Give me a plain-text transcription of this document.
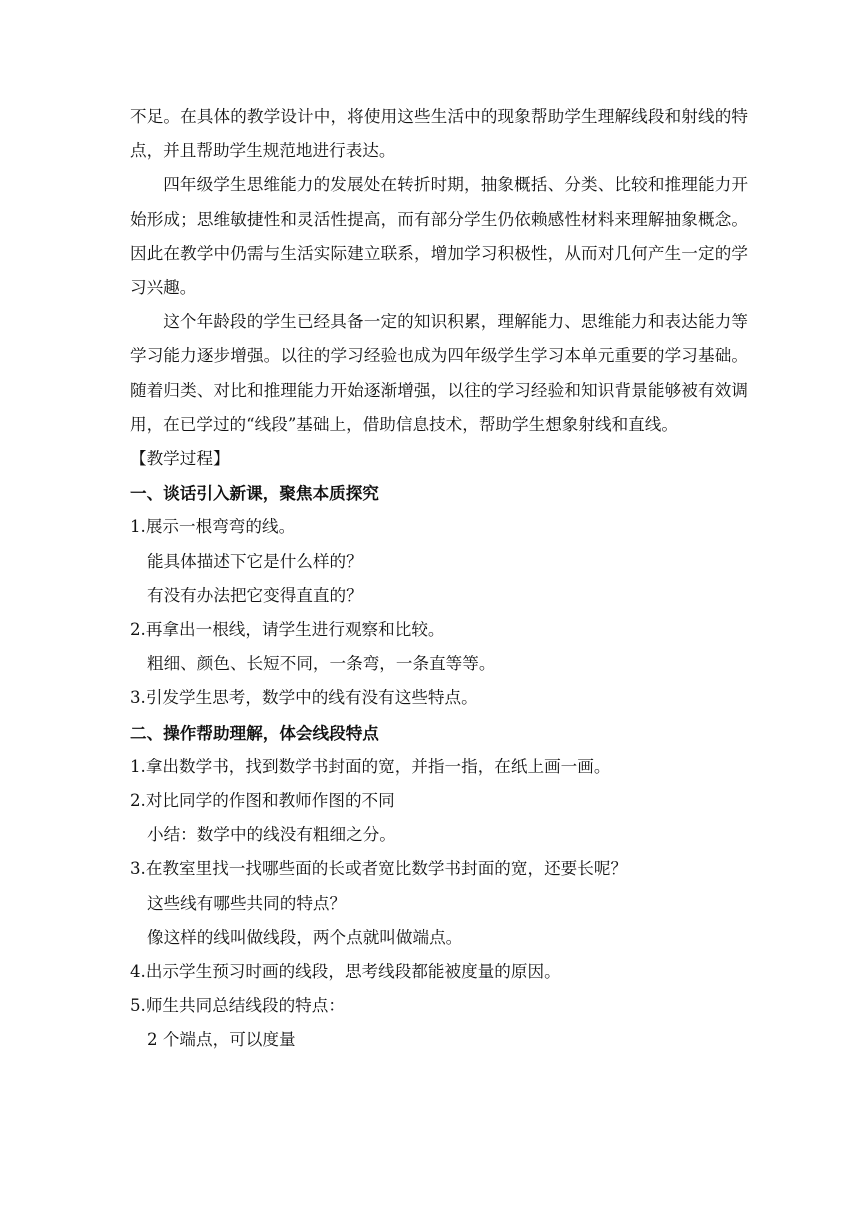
不足。在具体的教学设计中，将使用这些生活中的现象帮助学生理解线段和射线的特点，并且帮助学生规范地进行表达。

四年级学生思维能力的发展处在转折时期，抽象概括、分类、比较和推理能力开始形成；思维敏捷性和灵活性提高，而有部分学生仍依赖感性材料来理解抽象概念。因此在教学中仍需与生活实际建立联系，增加学习积极性，从而对几何产生一定的学习兴趣。

这个年龄段的学生已经具备一定的知识积累，理解能力、思维能力和表达能力等学习能力逐步增强。以往的学习经验也成为四年级学生学习本单元重要的学习基础。随着归类、对比和推理能力开始逐渐增强，以往的学习经验和知识背景能够被有效调用，在已学过的“线段”基础上，借助信息技术，帮助学生想象射线和直线。

【教学过程】

一、谈话引入新课，聚焦本质探究

1.展示一根弯弯的线。

能具体描述下它是什么样的？

有没有办法把它变得直直的？

2.再拿出一根线，请学生进行观察和比较。

粗细、颜色、长短不同，一条弯，一条直等等。

3.引发学生思考，数学中的线有没有这些特点。

二、操作帮助理解，体会线段特点

1.拿出数学书，找到数学书封面的宽，并指一指，在纸上画一画。

2.对比同学的作图和教师作图的不同

小结：数学中的线没有粗细之分。

3.在教室里找一找哪些面的长或者宽比数学书封面的宽，还要长呢？

这些线有哪些共同的特点？

像这样的线叫做线段，两个点就叫做端点。

4.出示学生预习时画的线段，思考线段都能被度量的原因。

5.师生共同总结线段的特点：

2 个端点，可以度量
